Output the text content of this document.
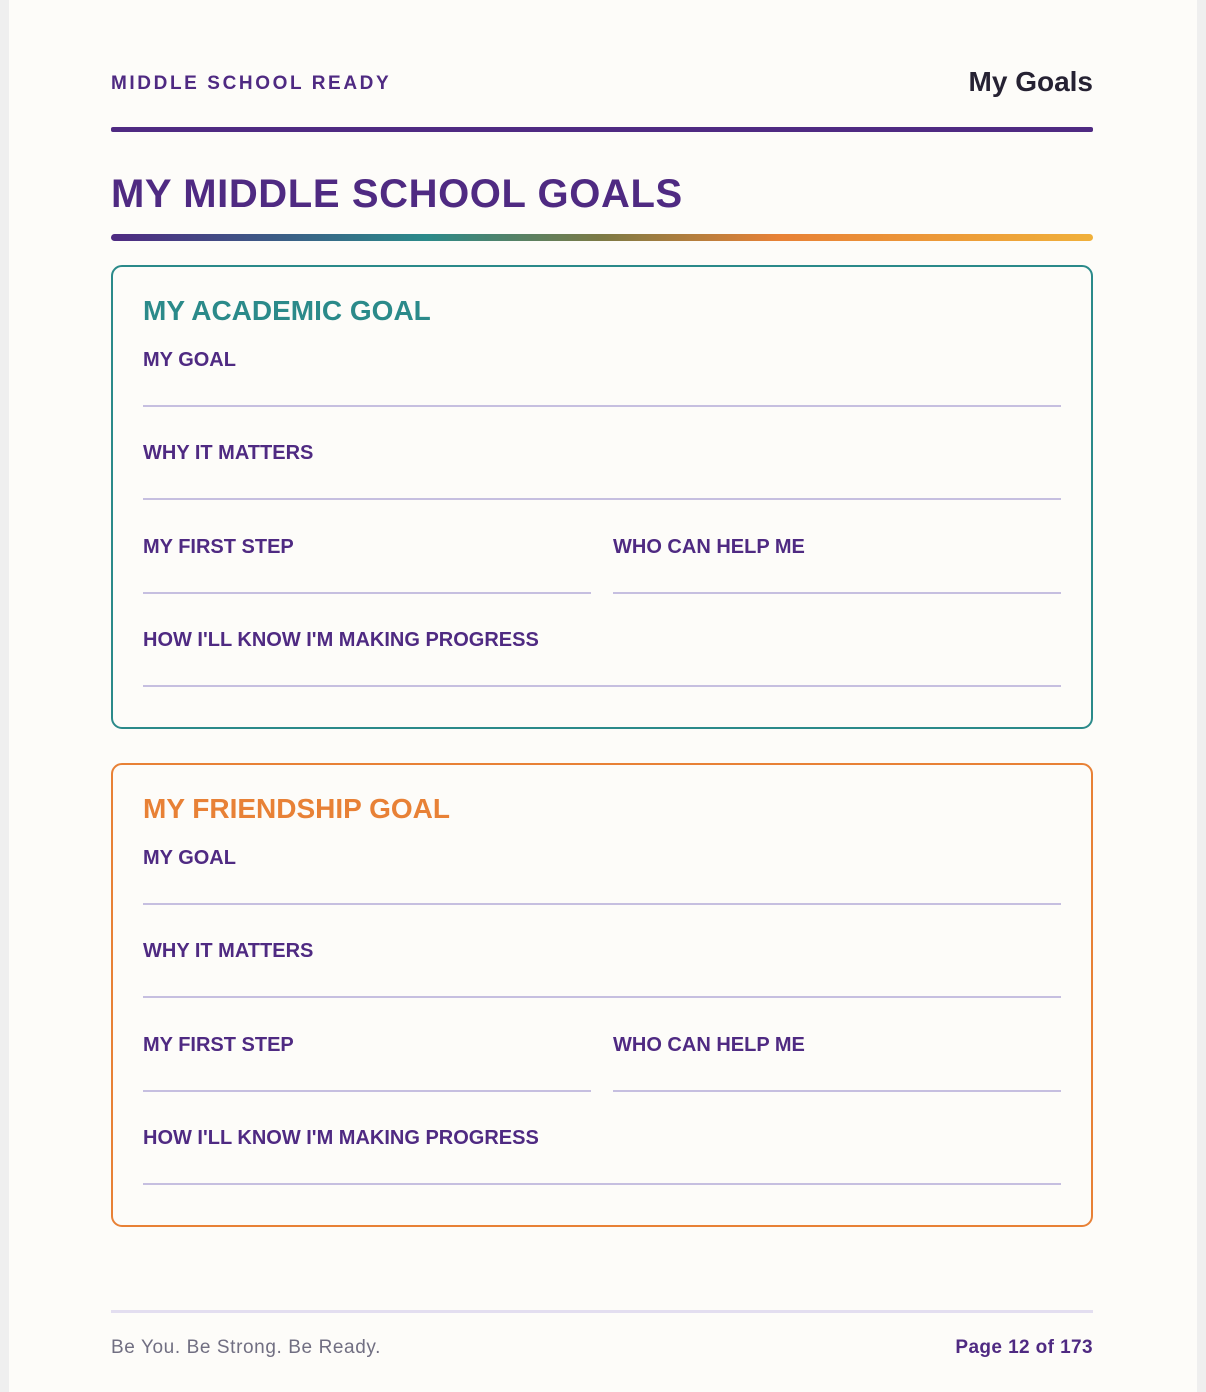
MIDDLE SCHOOL READY	My Goals
MY MIDDLE SCHOOL GOALS
MY ACADEMIC GOAL
MY GOAL
WHY IT MATTERS
MY FIRST STEP	WHO CAN HELP ME
HOW I'LL KNOW I'M MAKING PROGRESS
MY FRIENDSHIP GOAL
MY GOAL
WHY IT MATTERS
MY FIRST STEP	WHO CAN HELP ME
HOW I'LL KNOW I'M MAKING PROGRESS
Be You. Be Strong. Be Ready.	Page 12 of 173
